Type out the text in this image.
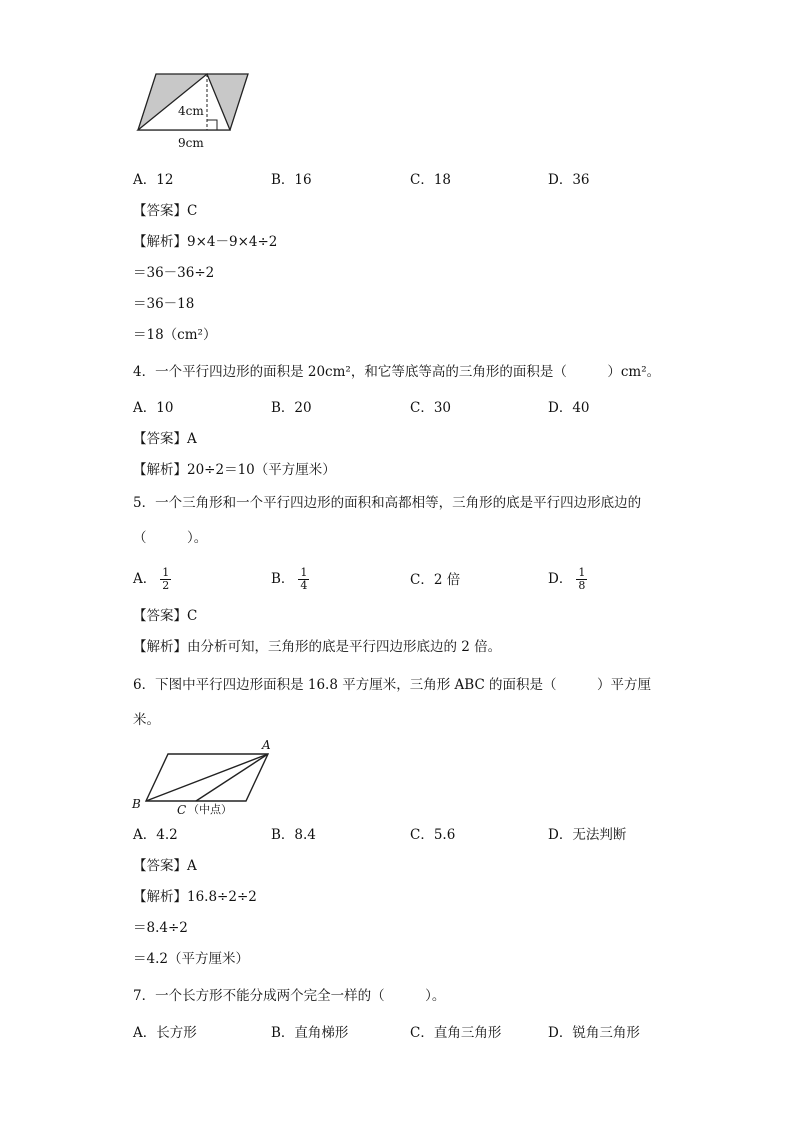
4cm
9cm
A．12	B．16	C．18	D．36
【答案】C
【解析】9×4－9×4÷2
＝36－36÷2
＝36－18
＝18（cm²）
4．一个平行四边形的面积是 20cm²，和它等底等高的三角形的面积是（　　　）cm²。
A．10	B．20	C．30	D．40
【答案】A
【解析】20÷2＝10（平方厘米）
5．一个三角形和一个平行四边形的面积和高都相等，三角形的底是平行四边形底边的
（　　　）。
A． $\frac{1}{2}$	B． $\frac{1}{4}$	C．2 倍	D． $\frac{1}{8}$
【答案】C
【解析】由分析可知，三角形的底是平行四边形底边的 2 倍。
6．下图中平行四边形面积是 16.8 平方厘米，三角形 ABC 的面积是（　　　）平方厘
米。
A
B	C （中点）
A．4.2	B．8.4	C．5.6	D．无法判断
【答案】A
【解析】16.8÷2÷2
＝8.4÷2
＝4.2（平方厘米）
7．一个长方形不能分成两个完全一样的（　　　）。
A．长方形	B．直角梯形	C．直角三角形	D．锐角三角形
